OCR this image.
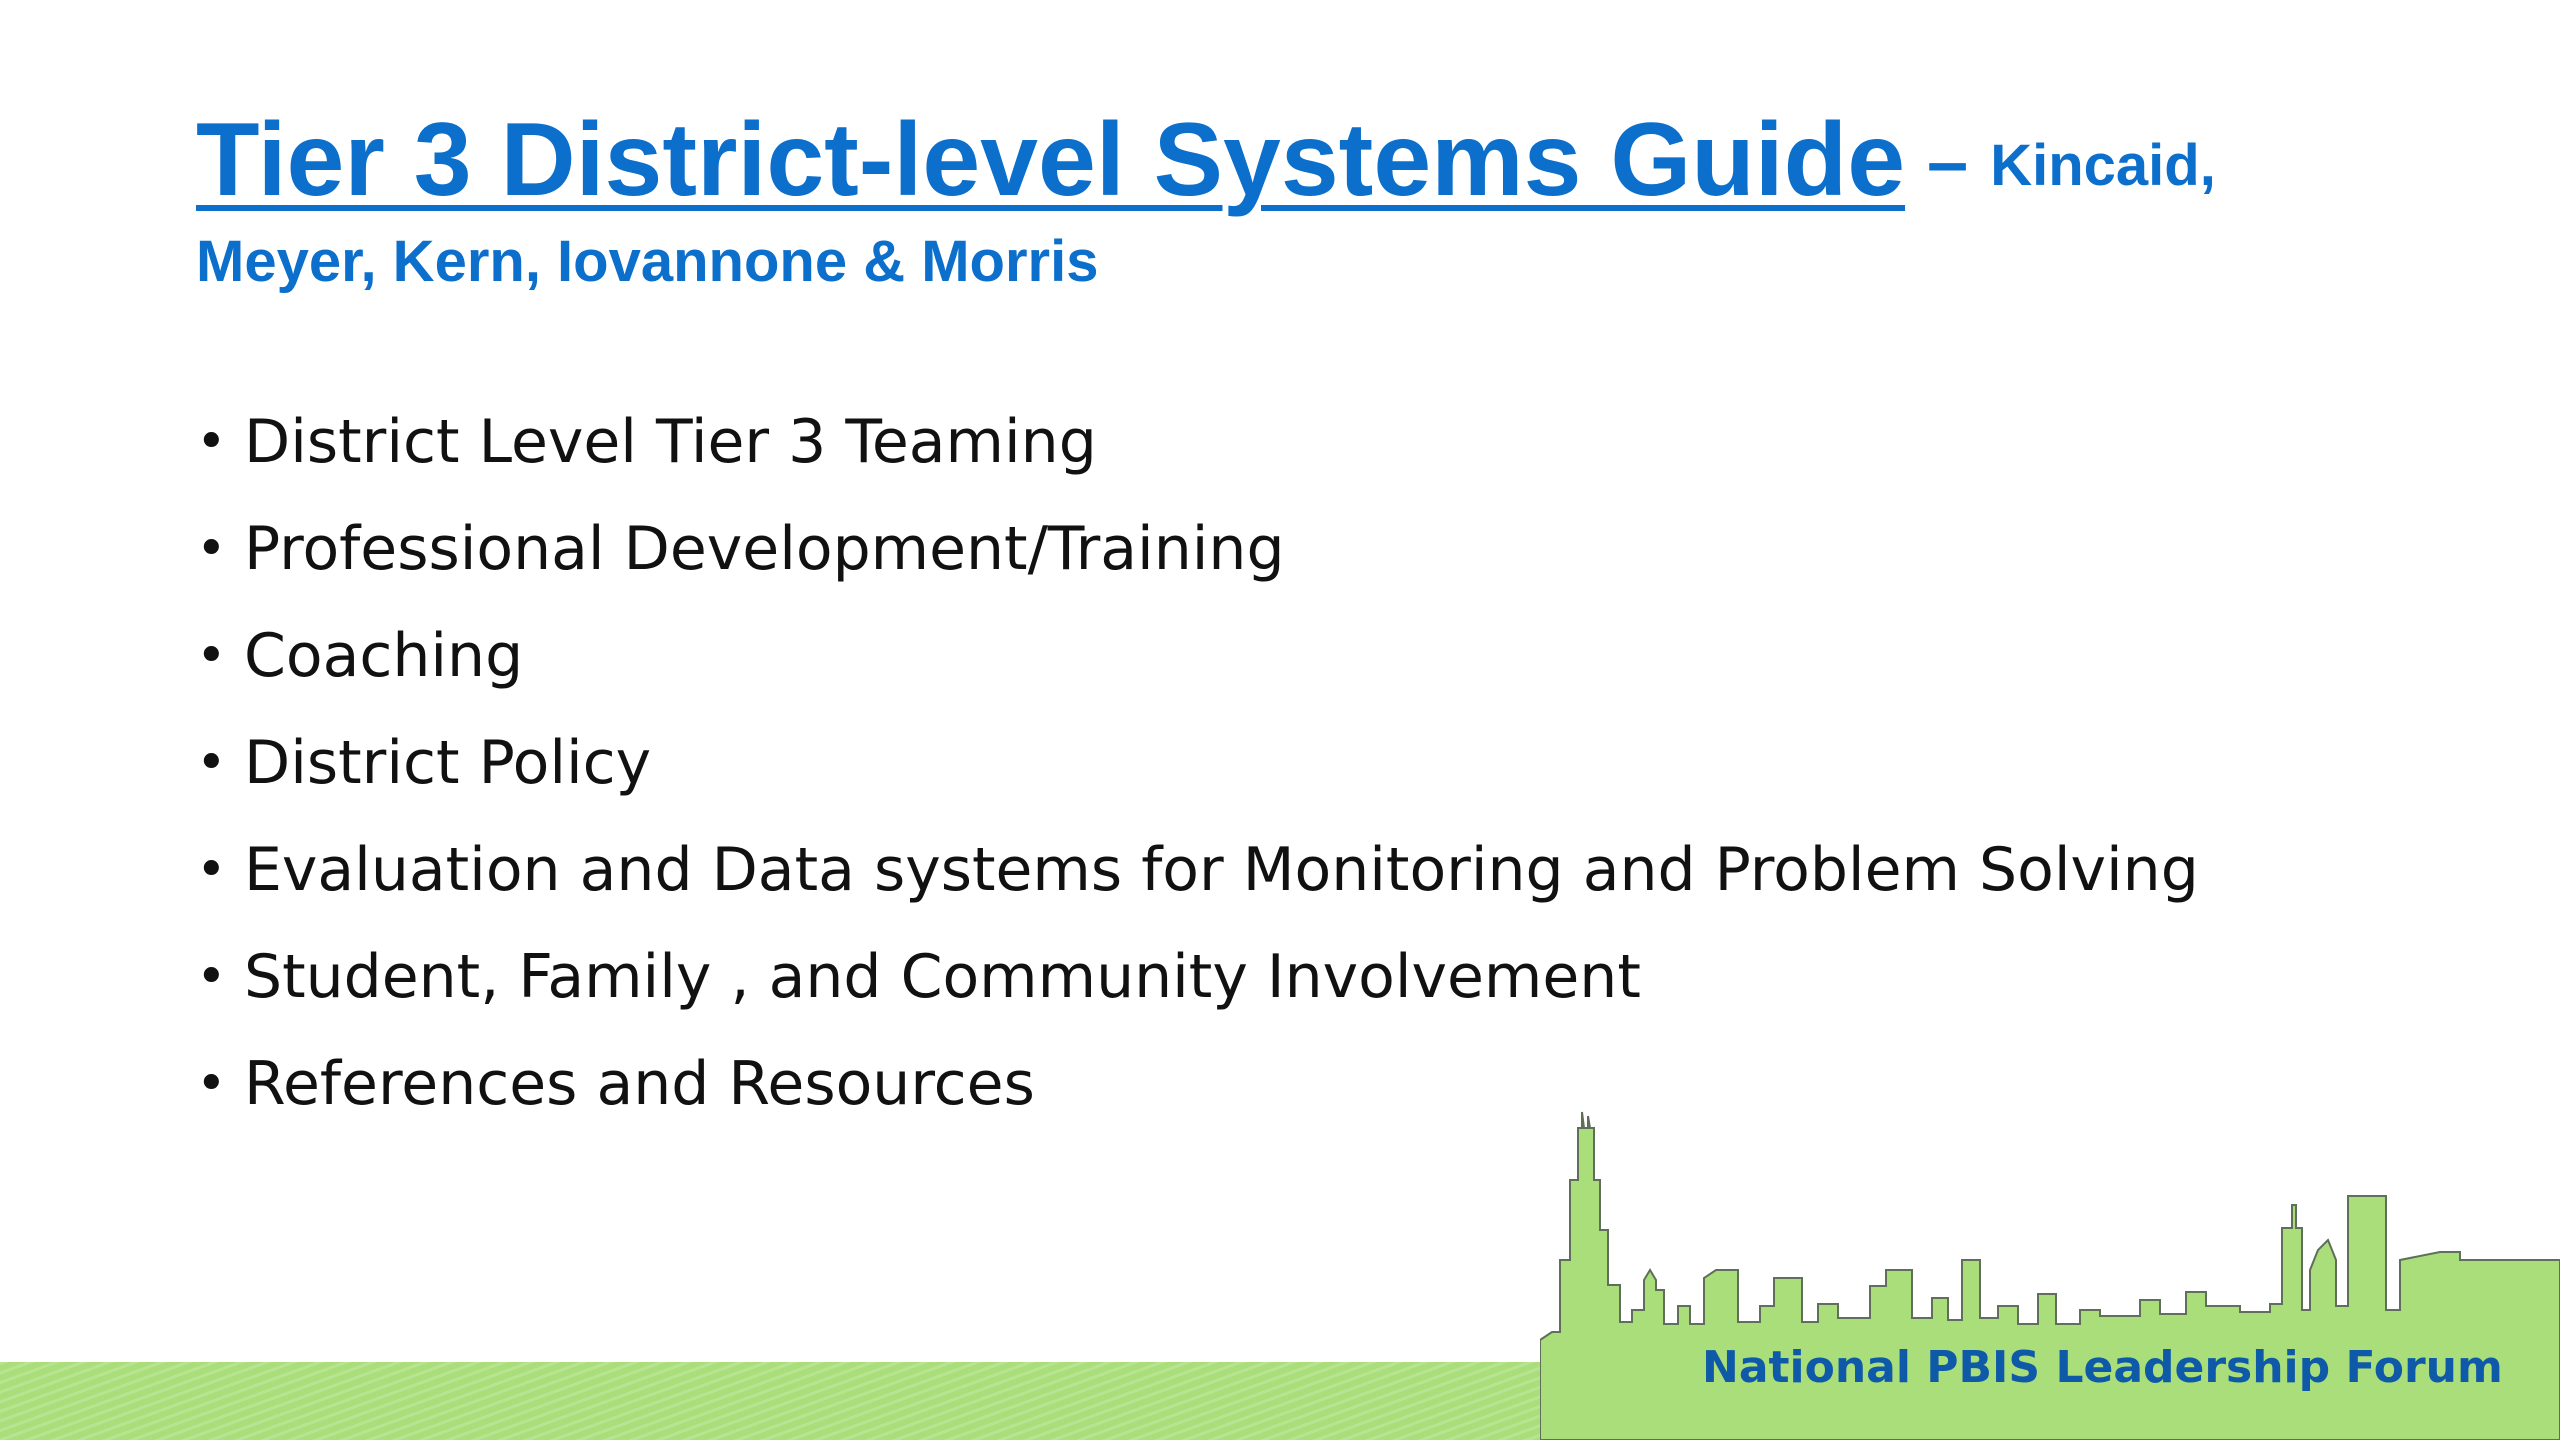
Tier 3 District-level Systems Guide – Kincaid,
Meyer, Kern, Iovannone & Morris
• District Level Tier 3 Teaming
• Professional Development/Training
• Coaching
• District Policy
• Evaluation and Data systems for Monitoring and Problem Solving
• Student, Family , and Community Involvement
• References and Resources
National PBIS Leadership Forum
